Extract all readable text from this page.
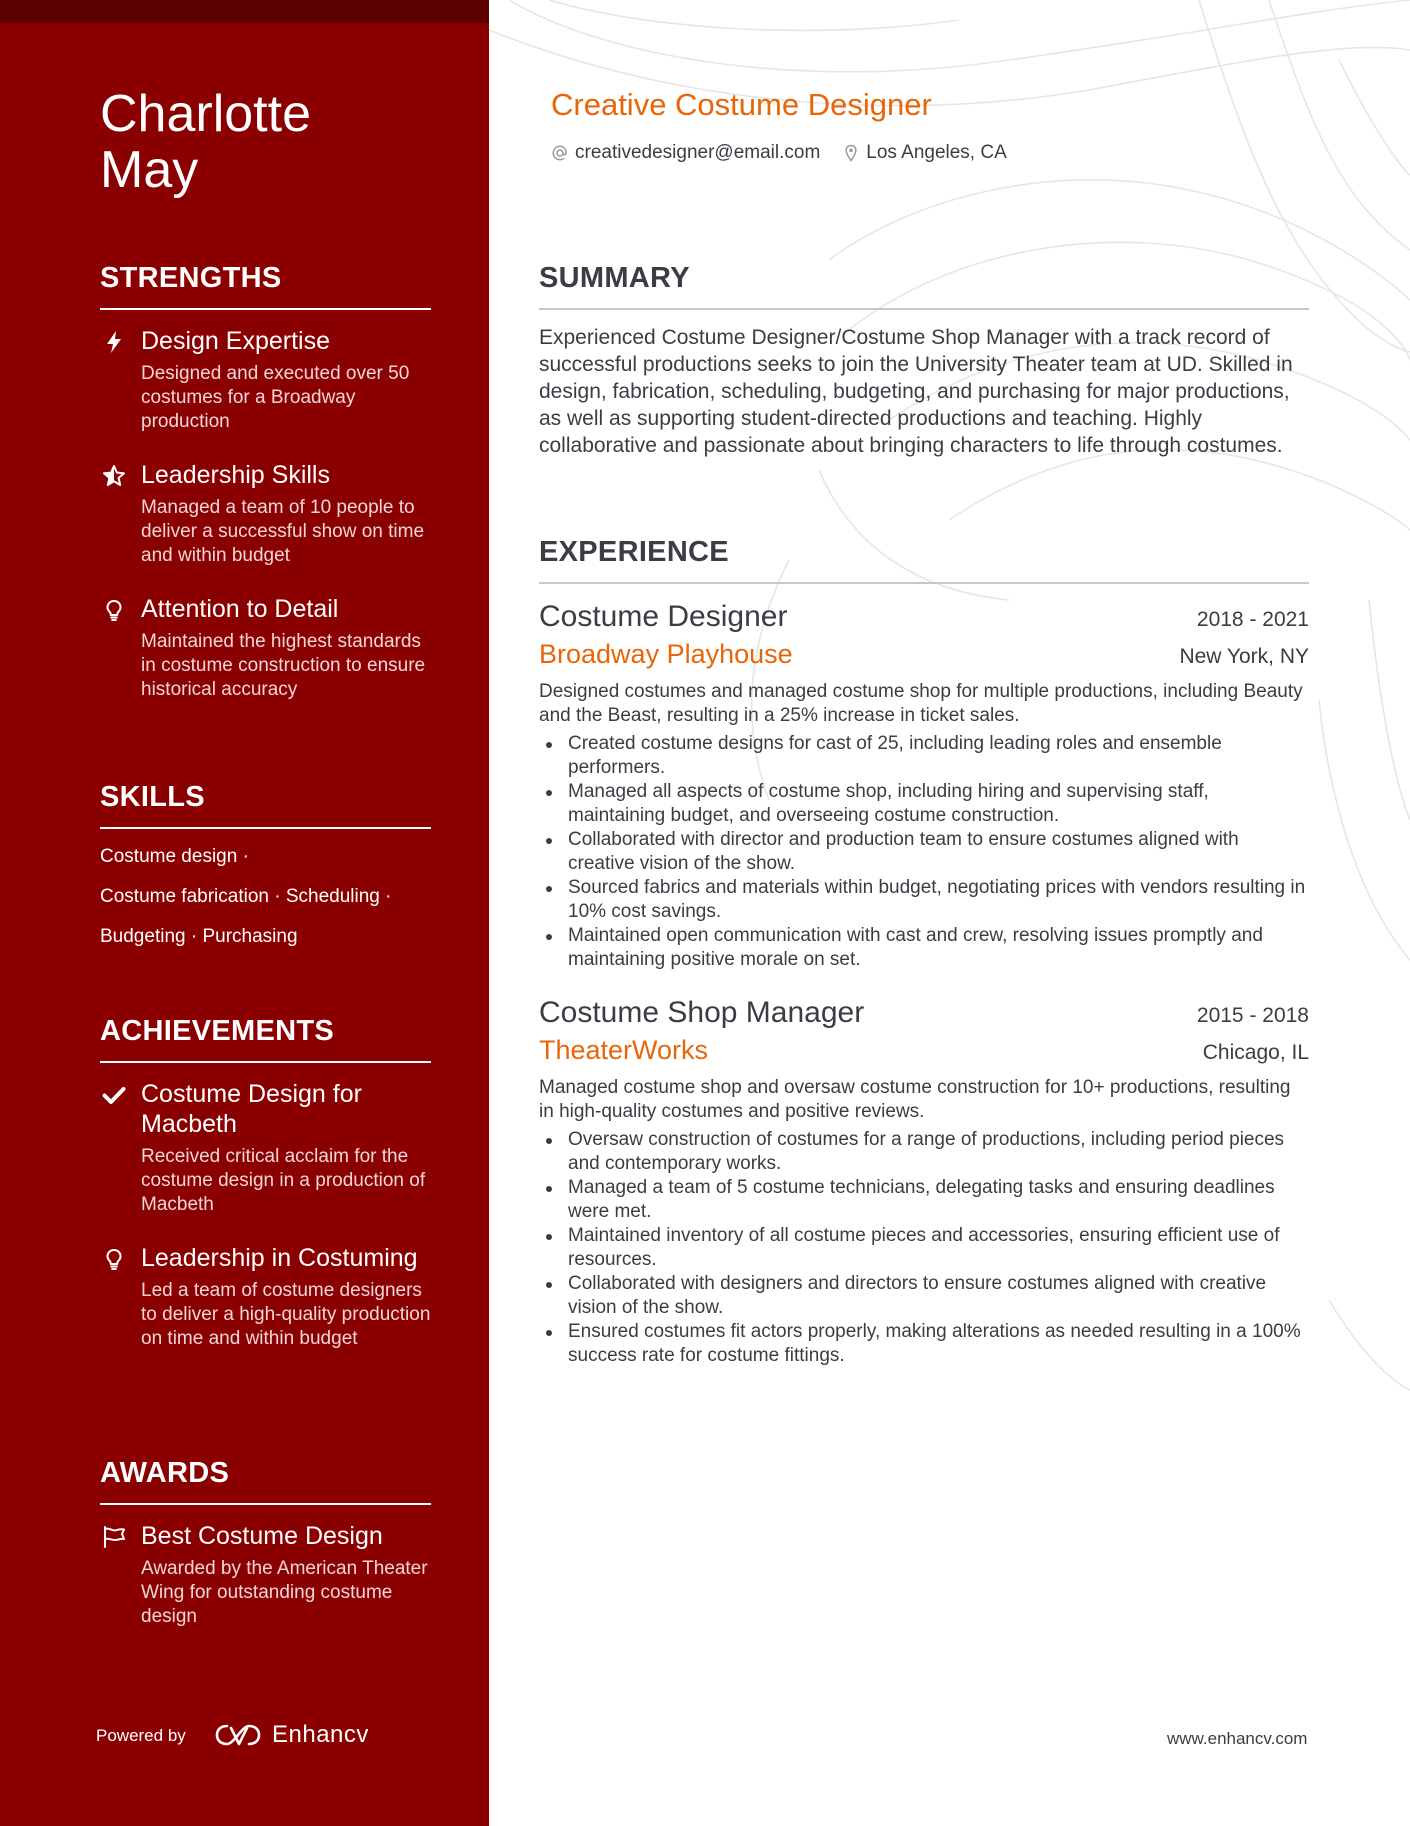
Charlotte
May
STRENGTHS
Design Expertise
Designed and executed over 50 costumes for a Broadway production
Leadership Skills
Managed a team of 10 people to deliver a successful show on time and within budget
Attention to Detail
Maintained the highest standards in costume construction to ensure historical accuracy
SKILLS
Costume design ·
Costume fabrication · Scheduling ·
Budgeting · Purchasing
ACHIEVEMENTS
Costume Design for Macbeth
Received critical acclaim for the costume design in a production of Macbeth
Leadership in Costuming
Led a team of costume designers to deliver a high-quality production on time and within budget
AWARDS
Best Costume Design
Awarded by the American Theater Wing for outstanding costume design
Powered by	Enhancv
Creative Costume Designer
creativedesigner@email.com Los Angeles, CA
SUMMARY

Experienced Costume Designer/Costume Shop Manager with a track record of successful productions seeks to join the University Theater team at UD. Skilled in design, fabrication, scheduling, budgeting, and purchasing for major productions, as well as supporting student-directed productions and teaching. Highly collaborative and passionate about bringing characters to life through costumes.

EXPERIENCE
Costume Designer	2018 - 2021
Broadway Playhouse	New York, NY
Designed costumes and managed costume shop for multiple productions, including Beauty and the Beast, resulting in a 25% increase in ticket sales.
Created costume designs for cast of 25, including leading roles and ensemble performers.
Managed all aspects of costume shop, including hiring and supervising staff, maintaining budget, and overseeing costume construction.
Collaborated with director and production team to ensure costumes aligned with creative vision of the show.
Sourced fabrics and materials within budget, negotiating prices with vendors resulting in 10% cost savings.
Maintained open communication with cast and crew, resolving issues promptly and maintaining positive morale on set.
Costume Shop Manager	2015 - 2018
TheaterWorks	Chicago, IL
Managed costume shop and oversaw costume construction for 10+ productions, resulting in high-quality costumes and positive reviews.
Oversaw construction of costumes for a range of productions, including period pieces and contemporary works.
Managed a team of 5 costume technicians, delegating tasks and ensuring deadlines were met.
Maintained inventory of all costume pieces and accessories, ensuring efficient use of resources.
Collaborated with designers and directors to ensure costumes aligned with creative vision of the show.
Ensured costumes fit actors properly, making alterations as needed resulting in a 100% success rate for costume fittings.
www.enhancv.com
